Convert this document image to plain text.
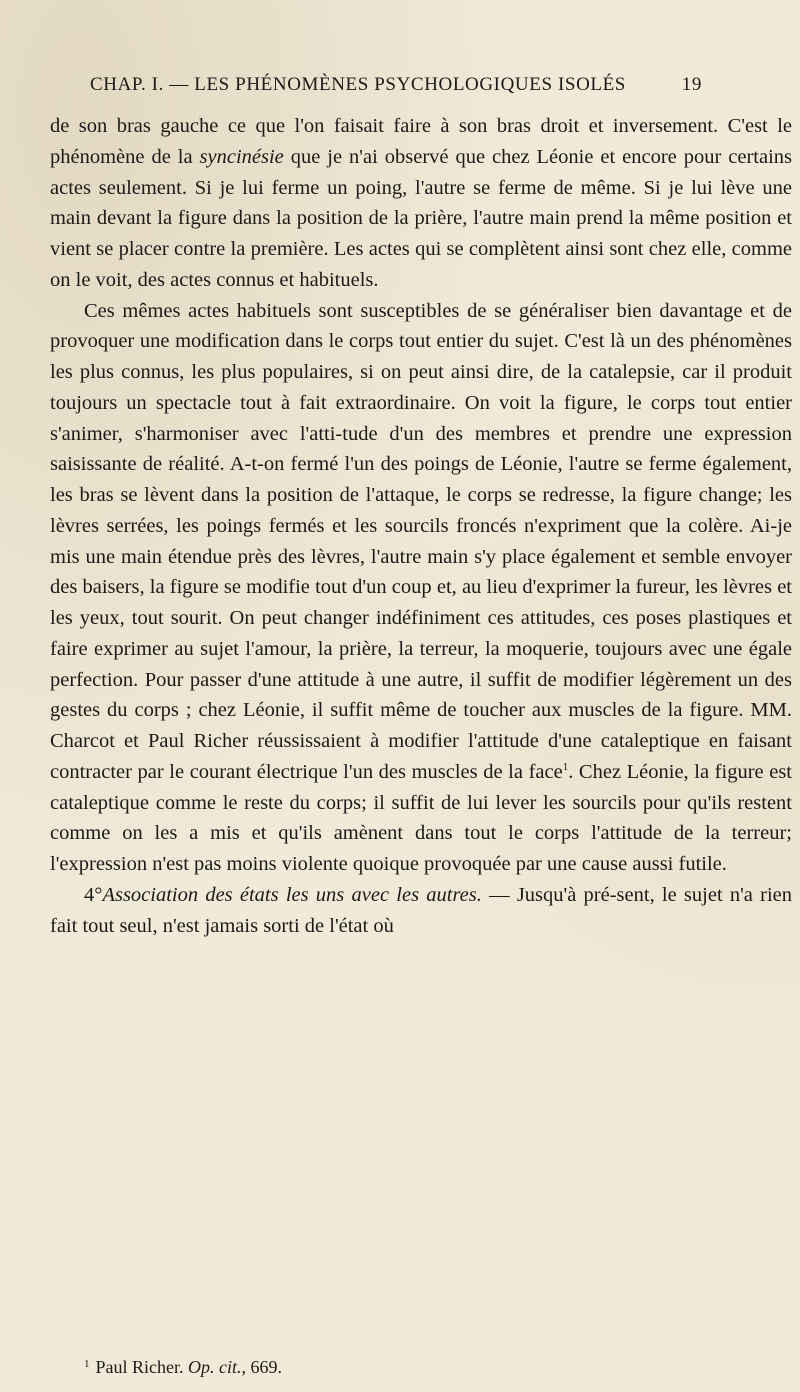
CHAP. I. — LES PHÉNOMÈNES PSYCHOLOGIQUES ISOLÉS	19

de son bras gauche ce que l'on faisait faire à son bras droit et inversement. C'est le phénomène de la syncinésie que je n'ai observé que chez Léonie et encore pour certains actes seulement. Si je lui ferme un poing, l'autre se ferme de même. Si je lui lève une main devant la figure dans la position de la prière, l'autre main prend la même position et vient se placer contre la première. Les actes qui se complètent ainsi sont chez elle, comme on le voit, des actes connus et habituels.

Ces mêmes actes habituels sont susceptibles de se généraliser bien davantage et de provoquer une modification dans le corps tout entier du sujet. C'est là un des phénomènes les plus connus, les plus populaires, si on peut ainsi dire, de la catalepsie, car il produit toujours un spectacle tout à fait extraordinaire. On voit la figure, le corps tout entier s'animer, s'harmoniser avec l'atti-tude d'un des membres et prendre une expression saisissante de réalité. A-t-on fermé l'un des poings de Léonie, l'autre se ferme également, les bras se lèvent dans la position de l'attaque, le corps se redresse, la figure change; les lèvres serrées, les poings fermés et les sourcils froncés n'expriment que la colère. Ai-je mis une main étendue près des lèvres, l'autre main s'y place également et semble envoyer des baisers, la figure se modifie tout d'un coup et, au lieu d'exprimer la fureur, les lèvres et les yeux, tout sourit. On peut changer indéfiniment ces attitudes, ces poses plastiques et faire exprimer au sujet l'amour, la prière, la terreur, la moquerie, toujours avec une égale perfection. Pour passer d'une attitude à une autre, il suffit de modifier légèrement un des gestes du corps ; chez Léonie, il suffit même de toucher aux muscles de la figure. MM. Charcot et Paul Richer réussissaient à modifier l'attitude d'une cataleptique en faisant contracter par le courant électrique l'un des muscles de la face$^1$. Chez Léonie, la figure est cataleptique comme le reste du corps; il suffit de lui lever les sourcils pour qu'ils restent comme on les a mis et qu'ils amènent dans tout le corps l'attitude de la terreur; l'expression n'est pas moins violente quoique provoquée par une cause aussi futile.

4°Association des états les uns avec les autres. — Jusqu'à pré-sent, le sujet n'a rien fait tout seul, n'est jamais sorti de l'état où

$^1$ Paul Richer. Op. cit., 669.
